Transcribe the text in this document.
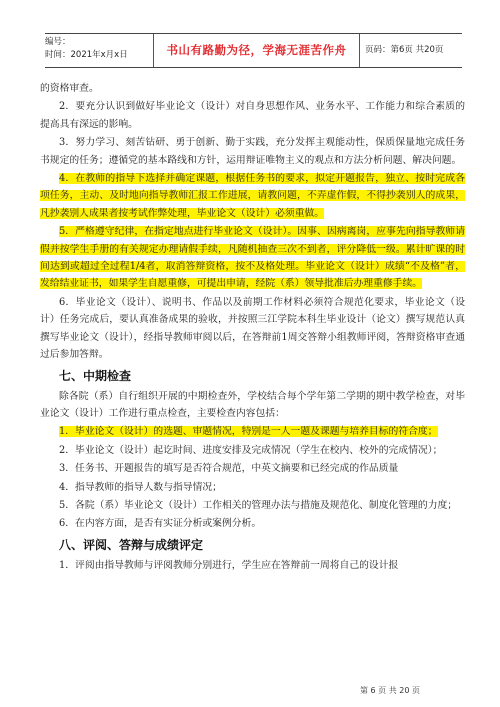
编号：
时间：2021年x月x日	书山有路勤为径，学海无涯苦作舟	页码：第6页 共20页

的资格审查。

2．要充分认识到做好毕业论文（设计）对自身思想作风、业务水平、工作能力和综合素质的提高具有深远的影响。

3．努力学习、刻苦钻研、勇于创新、勤于实践，充分发挥主观能动性，保质保量地完成任务书规定的任务；遵循党的基本路线和方针，运用辩证唯物主义的观点和方法分析问题、解决问题。

4．在教师的指导下选择并确定课题，根据任务书的要求，拟定开题报告，独立、按时完成各项任务，主动、及时地向指导教师汇报工作进展，请教问题，不弄虚作假，不得抄袭别人的成果，凡抄袭别人成果者按考试作弊处理，毕业论文（设计）必须重做。

5．严格遵守纪律，在指定地点进行毕业论文（设计）。因事、因病离岗，应事先向指导教师请假并按学生手册的有关规定办理请假手续，凡随机抽查三次不到者，评分降低一级。累计旷课的时间达到或超过全过程1/4者，取消答辩资格，按不及格处理。毕业论文（设计）成绩“不及格”者，发给结业证书，如果学生自愿重修，可提出申请，经院（系）领导批准后办理重修手续。

6．毕业论文（设计）、说明书、作品以及前期工作材料必须符合规范化要求，毕业论文（设计）任务完成后，要认真准备成果的验收，并按照三江学院本科生毕业设计（论文）撰写规范认真撰写毕业论文（设计），经指导教师审阅以后，在答辩前1周交答辩小组教师评阅，答辩资格审查通过后参加答辩。

七、中期检查

除各院（系）自行组织开展的中期检查外，学校结合每个学年第二学期的期中教学检查，对毕业论文（设计）工作进行重点检查，主要检查内容包括：

1．毕业论文（设计）的选题、审题情况，特别是一人一题及课题与培养目标的符合度；

2．毕业论文（设计）起讫时间、进度安排及完成情况（学生在校内、校外的完成情况）；

3．任务书、开题报告的填写是否符合规范，中英文摘要和已经完成的作品质量

4．指导教师的指导人数与指导情况；

5．各院（系）毕业论文（设计）工作相关的管理办法与措施及规范化、制度化管理的力度；

6．在内容方面，是否有实证分析或案例分析。

八、评阅、答辩与成绩评定

1．评阅由指导教师与评阅教师分别进行，学生应在答辩前一周将自己的设计报

第 6 页 共 20 页
